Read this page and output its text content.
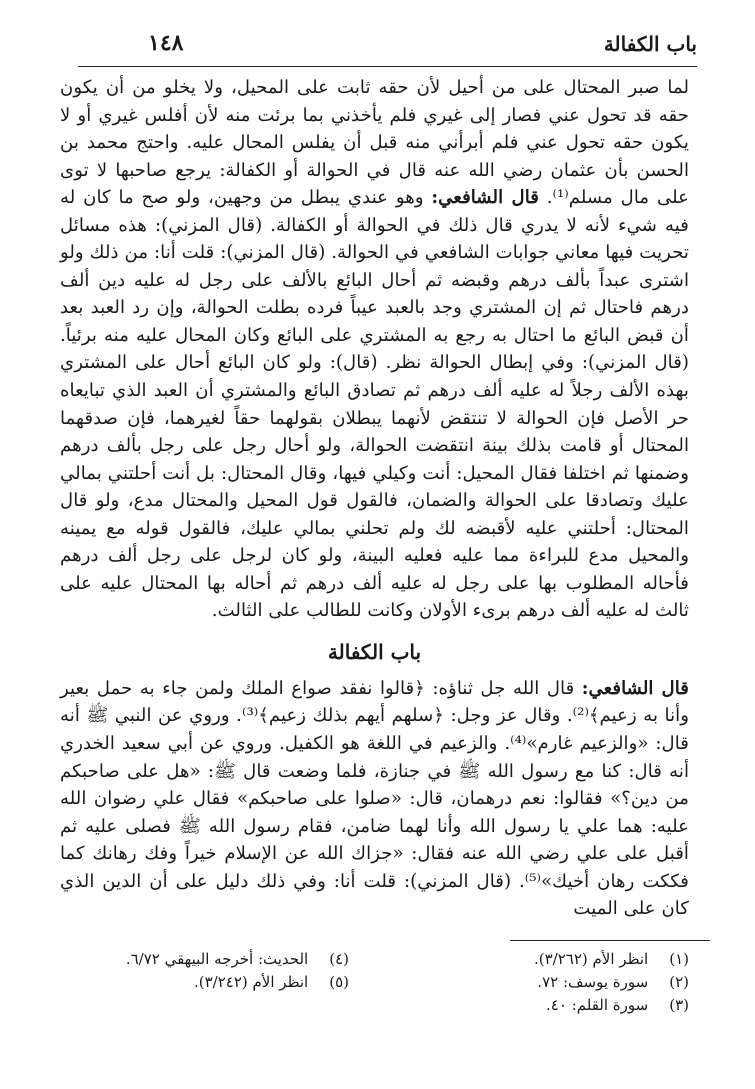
١٤٨	باب الكفالة

لما صبر المحتال على من أحيل لأن حقه ثابت على المحيل، ولا يخلو من أن يكون حقه قد تحول عني فصار إلى غيري فلم يأخذني بما برئت منه لأن أفلس غيري أو لا يكون حقه تحول عني فلم أبرأني منه قبل أن يفلس المحال عليه. واحتج محمد بن الحسن بأن عثمان رضي الله عنه قال في الحوالة أو الكفالة: يرجع صاحبها لا توى على مال مسلم⁽¹⁾. قال الشافعي: وهو عندي يبطل من وجهين، ولو صح ما كان له فيه شيء لأنه لا يدري قال ذلك في الحوالة أو الكفالة. (قال المزني): هذه مسائل تحريت فيها معاني جوابات الشافعي في الحوالة. (قال المزني): قلت أنا: من ذلك ولو اشترى عبداً بألف درهم وقبضه ثم أحال البائع بالألف على رجل له عليه دين ألف درهم فاحتال ثم إن المشتري وجد بالعبد عيباً فرده بطلت الحوالة، وإن رد العبد بعد أن قبض البائع ما احتال به رجع به المشتري على البائع وكان المحال عليه منه برئياً. (قال المزني): وفي إبطال الحوالة نظر. (قال): ولو كان البائع أحال على المشتري بهذه الألف رجلاً له عليه ألف درهم ثم تصادق البائع والمشتري أن العبد الذي تبايعاه حر الأصل فإن الحوالة لا تنتقض لأنهما يبطلان بقولهما حقاً لغيرهما، فإن صدقهما المحتال أو قامت بذلك بينة انتقضت الحوالة، ولو أحال رجل على رجل بألف درهم وضمنها ثم اختلفا فقال المحيل: أنت وكيلي فيها، وقال المحتال: بل أنت أحلتني بمالي عليك وتصادقا على الحوالة والضمان، فالقول قول المحيل والمحتال مدع، ولو قال المحتال: أحلتني عليه لأقبضه لك ولم تحلني بمالي عليك، فالقول قوله مع يمينه والمحيل مدع للبراءة مما عليه فعليه البينة، ولو كان لرجل على رجل ألف درهم فأحاله المطلوب بها على رجل له عليه ألف درهم ثم أحاله بها المحتال عليه على ثالث له عليه ألف درهم برىء الأولان وكانت للطالب على الثالث.

باب الكفالة

قال الشافعي: قال الله جل ثناؤه: ﴿قالوا نفقد صواع الملك ولمن جاء به حمل بعير وأنا به زعيم﴾⁽²⁾. وقال عز وجل: ﴿سلهم أيهم بذلك زعيم﴾⁽³⁾. وروي عن النبي ﷺ أنه قال: «والزعيم غارم»⁽⁴⁾. والزعيم في اللغة هو الكفيل. وروي عن أبي سعيد الخدري أنه قال: كنا مع رسول الله ﷺ في جنازة، فلما وضعت قال ﷺ: «هل على صاحبكم من دين؟» فقالوا: نعم درهمان، قال: «صلوا على صاحبكم» فقال علي رضوان الله عليه: هما علي يا رسول الله وأنا لهما ضامن، فقام رسول الله ﷺ فصلى عليه ثم أقبل على علي رضي الله عنه فقال: «جزاك الله عن الإسلام خيراً وفك رهانك كما فككت رهان أخيك»⁽⁵⁾. (قال المزني): قلت أنا: وفي ذلك دليل على أن الدين الذي كان على الميت

(١) انظر الأم (٣/٢٦٢).
(٢) سورة يوسف: ٧٢.
(٣) سورة القلم: ٤٠.
(٤) الحديث: أخرجه البيهقي ٦/٧٢.
(٥) انظر الأم (٣/٢٤٢).
